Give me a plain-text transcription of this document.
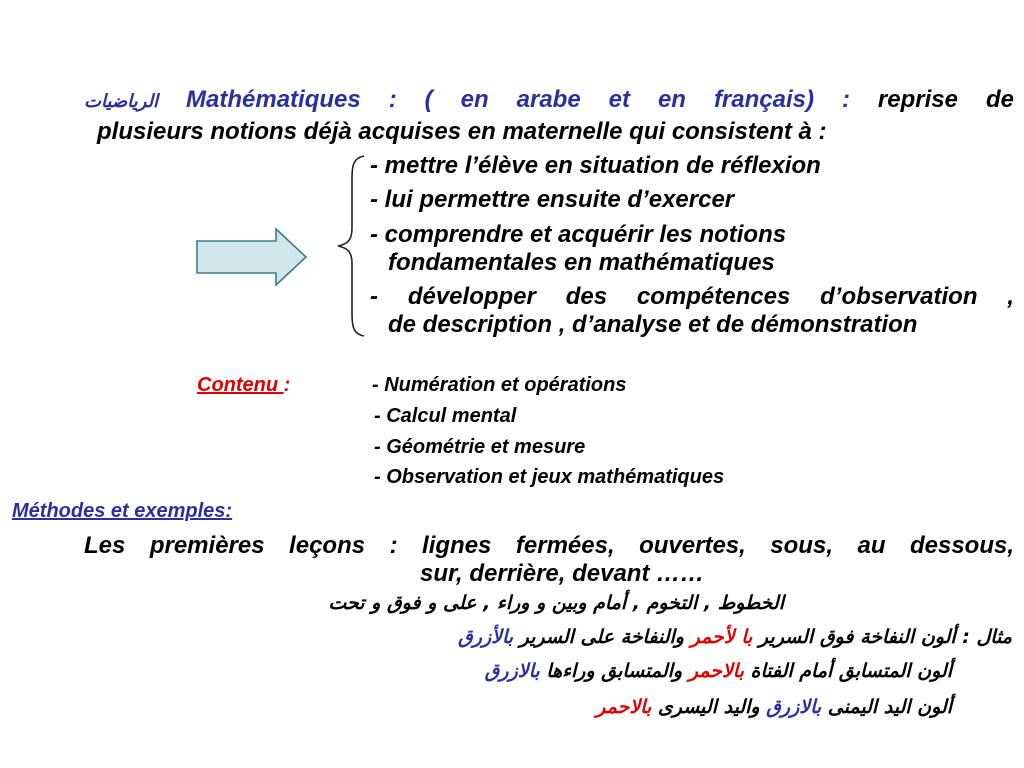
الرياضيات Mathématiques : ( en arabe et en français) : reprise de
plusieurs notions déjà acquises en maternelle qui consistent à :
- mettre l’élève en situation de réflexion
- lui permettre ensuite d’exercer
- comprendre et acquérir les notions
fondamentales en mathématiques
- développer des compétences d’observation ,
de description , d’analyse et de démonstration
Contenu :	- Numération et opérations
- Calcul mental
- Géométrie et mesure
- Observation et jeux mathématiques
Méthodes et exemples:
Les premières leçons : lignes fermées, ouvertes, sous, au dessous,
sur, derrière, devant ……
الخطوط , التخوم , أمام وبين و وراء , على و فوق و تحت
مثال : ألون النفاخة فوق السرير با لأحمر والنفاخة على السرير بالأزرق
ألون المتسابق أمام الفتاة بالاحمر والمتسابق وراءها بالازرق
ألون اليد اليمنى بالازرق واليد اليسرى بالاحمر
